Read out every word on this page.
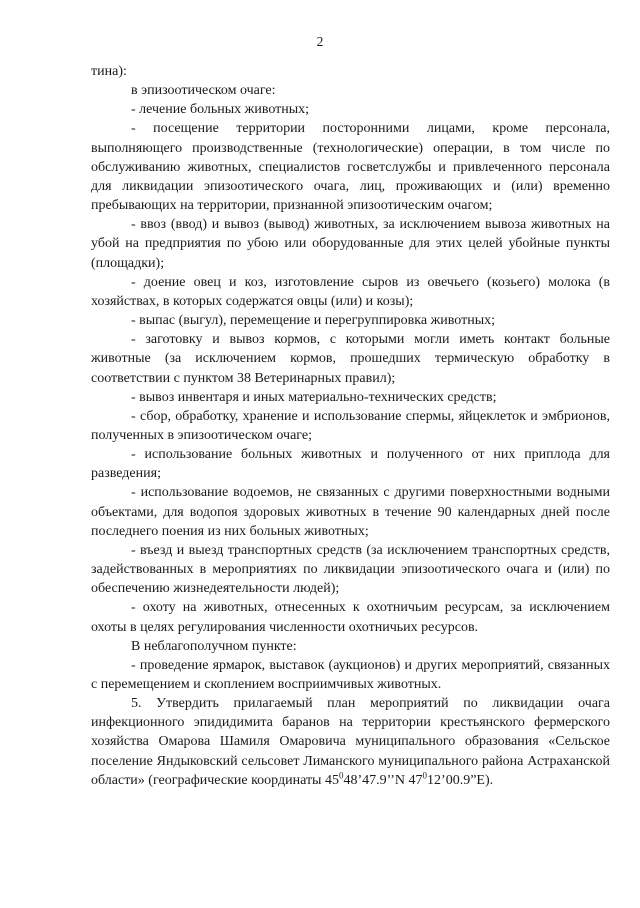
2

тина):

в эпизоотическом очаге:

- лечение больных животных;

- посещение территории посторонними лицами, кроме персонала, выполняющего производственные (технологические) операции, в том числе по обслуживанию животных, специалистов госветслужбы и привлеченного персонала для ликвидации эпизоотического очага, лиц, проживающих и (или) временно пребывающих на территории, признанной эпизоотическим очагом;

- ввоз (ввод) и вывоз (вывод) животных, за исключением вывоза животных на убой на предприятия по убою или оборудованные для этих целей убойные пункты (площадки);

- доение овец и коз, изготовление сыров из овечьего (козьего) молока (в хозяйствах, в которых содержатся овцы (или) и козы);

- выпас (выгул), перемещение и перегруппировка животных;

- заготовку и вывоз кормов, с которыми могли иметь контакт больные животные (за исключением кормов, прошедших термическую обработку в соответствии с пунктом 38 Ветеринарных правил);

- вывоз инвентаря и иных материально-технических средств;

- сбор, обработку, хранение и использование спермы, яйцеклеток и эмбрионов, полученных в эпизоотическом очаге;

- использование больных животных и полученного от них приплода для разведения;

- использование водоемов, не связанных с другими поверхностными водными объектами, для водопоя здоровых животных в течение 90 календарных дней после последнего поения из них больных животных;

- въезд и выезд транспортных средств (за исключением транспортных средств, задействованных в мероприятиях по ликвидации эпизоотического очага и (или) по обеспечению жизнедеятельности людей);

- охоту на животных, отнесенных к охотничьим ресурсам, за исключением охоты в целях регулирования численности охотничьих ресурсов.

В неблагополучном пункте:

- проведение ярмарок, выставок (аукционов) и других мероприятий, связанных с перемещением и скоплением восприимчивых животных.

5. Утвердить прилагаемый план мероприятий по ликвидации очага инфекционного эпидидимита баранов на территории крестьянского фермерского хозяйства Омарова Шамиля Омаровича муниципального образования «Сельское поселение Яндыковский сельсовет Лиманского муниципального района Астраханской области» (географические координаты $45^048’47.9’’N$ $47^012’00.9”E$).
